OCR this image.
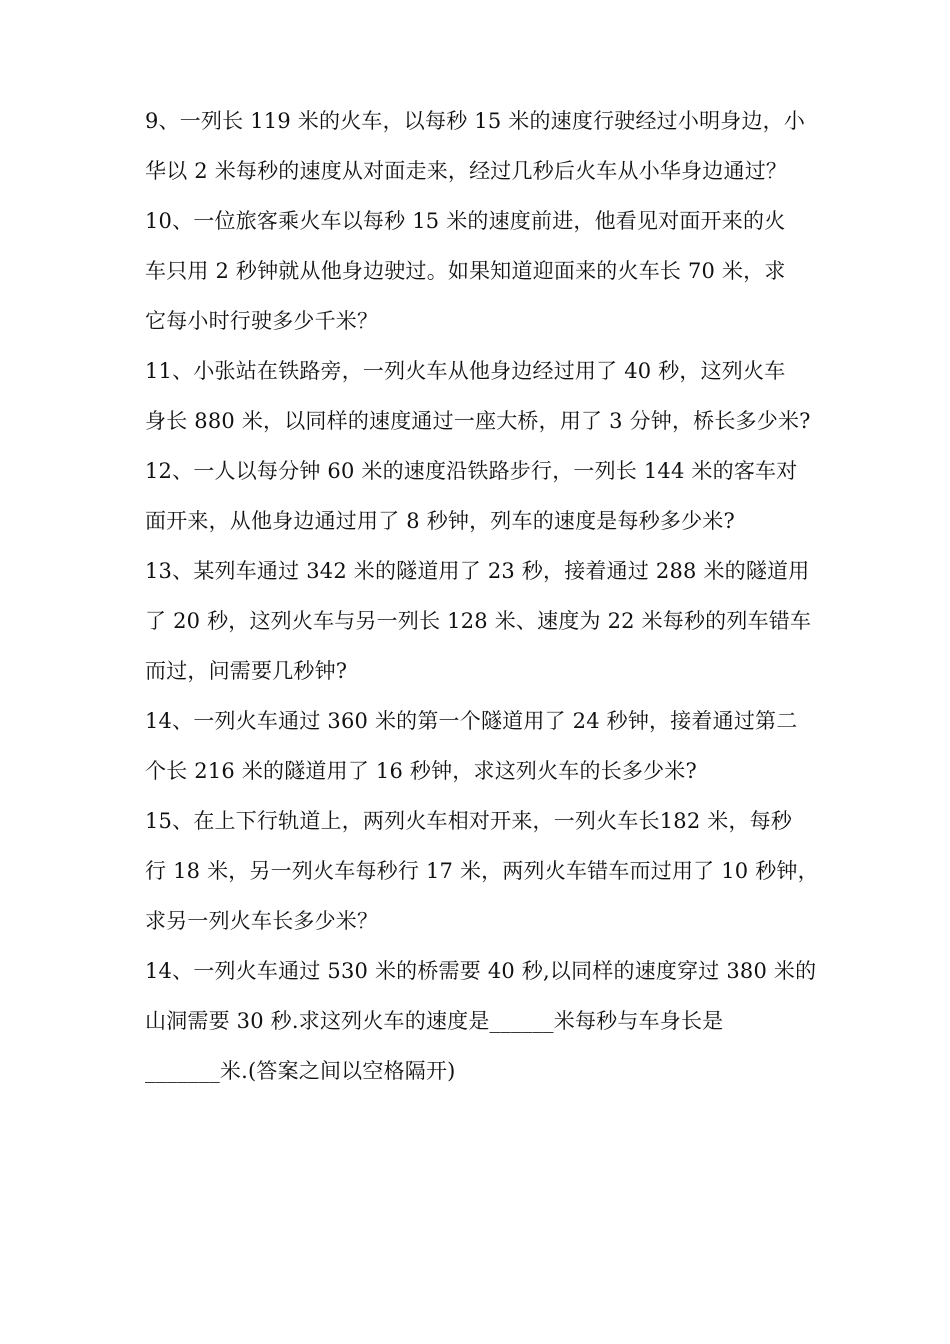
9、一列长 119 米的火车，以每秒 15 米的速度行驶经过小明身边，小
华以 2 米每秒的速度从对面走来，经过几秒后火车从小华身边通过？
10、一位旅客乘火车以每秒 15 米的速度前进，他看见对面开来的火
车只用 2 秒钟就从他身边驶过。如果知道迎面来的火车长 70 米，求
它每小时行驶多少千米？
11、小张站在铁路旁，一列火车从他身边经过用了 40 秒，这列火车
身长 880 米，以同样的速度通过一座大桥，用了 3 分钟，桥长多少米?
12、一人以每分钟 60 米的速度沿铁路步行，一列长 144 米的客车对
面开来，从他身边通过用了 8 秒钟，列车的速度是每秒多少米?
13、某列车通过 342 米的隧道用了 23 秒，接着通过 288 米的隧道用
了 20 秒，这列火车与另一列长 128 米、速度为 22 米每秒的列车错车
而过，问需要几秒钟?
14、一列火车通过 360 米的第一个隧道用了 24 秒钟，接着通过第二
个长 216 米的隧道用了 16 秒钟，求这列火车的长多少米?
15、在上下行轨道上，两列火车相对开来，一列火车长182 米，每秒
行 18 米，另一列火车每秒行 17 米，两列火车错车而过用了 10 秒钟，
求另一列火车长多少米？
14、一列火车通过 530 米的桥需要 40 秒,以同样的速度穿过 380 米的
山洞需要 30 秒.求这列火车的速度是______米每秒与车身长是
_______米.(答案之间以空格隔开)
